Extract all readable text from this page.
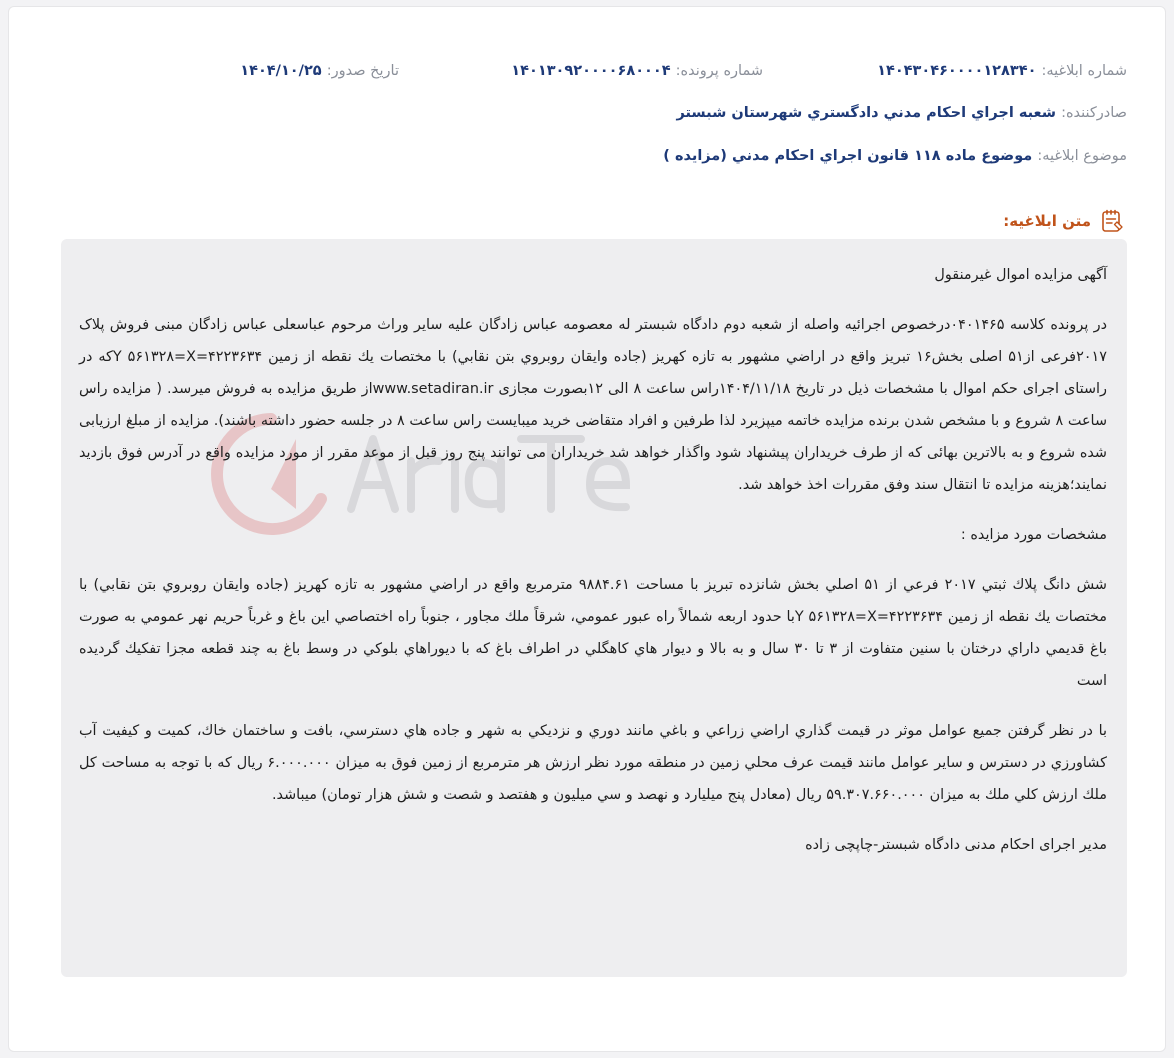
شماره ابلاغیه: ۱۴۰۴۳۰۴۶۰۰۰۰۱۲۸۳۴۰
شماره پرونده: ۱۴۰۱۳۰۹۲۰۰۰۰۶۸۰۰۰۴
تاریخ صدور: ۱۴۰۴/۱۰/۲۵
صادرکننده: شعبه اجراي احكام مدني دادگستري شهرستان شبستر
موضوع ابلاغیه: موضوع ماده ۱۱۸ قانون اجراي احكام مدني (مزايده )
متن ابلاغیه:

آگهی مزایده اموال غیرمنقول

در پرونده کلاسه ۰۴۰۱۴۶۵درخصوص اجرائیه واصله از شعبه دوم دادگاه شبستر له معصومه عباس زادگان علیه سایر وراث مرحوم عباسعلی عباس زادگان مبنی فروش پلاک ۲۰۱۷فرعی از۵۱ اصلی بخش۱۶ تبریز واقع در اراضي مشهور به تازه كهريز (جاده وايقان روبروي بتن نقابي) با مختصات يك نقطه از زمين ۴۲۲۳۶۳۴=Y ۵۶۱۳۲۸=Xکه در راستای اجرای حکم اموال با مشخصات ذیل در تاریخ ۱۴۰۴/۱۱/۱۸راس ساعت ۸ الی ۱۲بصورت مجازی www.setadiran.irاز طریق مزایده به فروش میرسد. ( مزایده راس ساعت ۸ شروع و با مشخص شدن برنده مزایده خاتمه میپزیرد لذا طرفین و افراد متقاضی خرید میبایست راس ساعت ۸ در جلسه حضور داشته باشند). مزایده از مبلغ ارزیابی شده شروع و به بالاترین بهائی که از طرف خریداران پیشنهاد شود واگذار خواهد شد خریداران می توانند پنج روز قبل از موعد مقرر از مورد مزایده واقع در آدرس فوق بازدید نمایند؛هزینه مزایده تا انتقال سند وفق مقررات اخذ خواهد شد.

مشخصات مورد مزایده :

شش دانگ پلاك ثبتي ۲۰۱۷ فرعي از ۵۱ اصلي بخش شانزده تبريز با مساحت ۹۸۸۴.۶۱ مترمربع واقع در اراضي مشهور به تازه كهريز (جاده وايقان روبروي بتن نقابي) با مختصات يك نقطه از زمين ۴۲۲۳۶۳۴=Y ۵۶۱۳۲۸=Xبا حدود اربعه شمالاً راه عبور عمومي، شرقاً ملك مجاور ، جنوباً راه اختصاصي اين باغ و غرباً حريم نهر عمومي به صورت باغ قديمي داراي درختان با سنين متفاوت از ۳ تا ۳۰ سال و به بالا و ديوار هاي كاهگلي در اطراف باغ كه با ديوراهاي بلوكي در وسط باغ به چند قطعه مجزا تفكيك گرديده است

با در نظر گرفتن جميع عوامل موثر در قيمت گذاري اراضي زراعي و باغي مانند دوري و نزديكي به شهر و جاده هاي دسترسي، بافت و ساختمان خاك، كميت و كيفيت آب كشاورزي در دسترس و ساير عوامل مانند قيمت عرف محلي زمين در منطقه مورد نظر ارزش هر مترمربع از زمين فوق به ميزان ۶.۰۰۰.۰۰۰ ريال كه با توجه به مساحت كل ملك ارزش كلي ملك به ميزان ۵۹.۳۰۷.۶۶۰.۰۰۰ ريال (معادل پنج ميليارد و نهصد و سي ميليون و هفتصد و شصت و شش هزار تومان) ميباشد.

مدیر اجرای احکام مدنی دادگاه شبستر-چاپچی زاده
